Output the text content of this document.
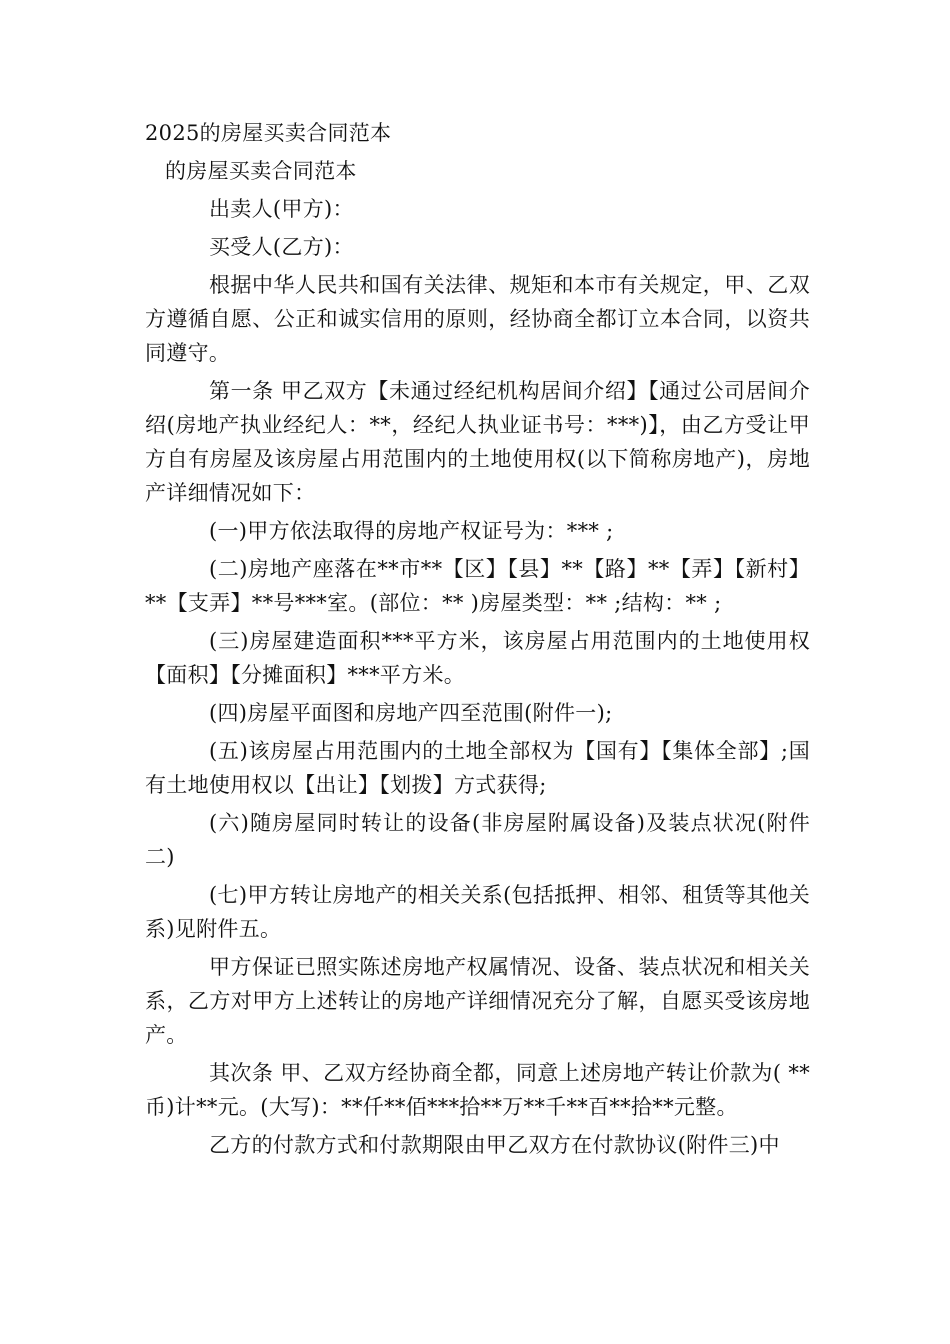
2025的房屋买卖合同范本
的房屋买卖合同范本
出卖人(甲方)：
买受人(乙方)：

根据中华人民共和国有关法律、规矩和本市有关规定，甲、乙双方遵循自愿、公正和诚实信用的原则，经协商全都订立本合同，以资共同遵守。

第一条 甲乙双方【未通过经纪机构居间介绍】【通过公司居间介绍(房地产执业经纪人：**，经纪人执业证书号：***)】，由乙方受让甲方自有房屋及该房屋占用范围内的土地使用权(以下简称房地产)，房地产详细情况如下：

(一)甲方依法取得的房地产权证号为：*** ;

(二)房地产座落在**市**【区】【县】**【路】**【弄】【新村】**【支弄】**号***室。(部位：** )房屋类型：** ;结构：** ;

(三)房屋建造面积***平方米，该房屋占用范围内的土地使用权【面积】【分摊面积】***平方米。

(四)房屋平面图和房地产四至范围(附件一);

(五)该房屋占用范围内的土地全部权为【国有】【集体全部】;国有土地使用权以【出让】【划拨】方式获得;

(六)随房屋同时转让的设备(非房屋附属设备)及装点状况(附件二)

(七)甲方转让房地产的相关关系(包括抵押、相邻、租赁等其他关系)见附件五。

甲方保证已照实陈述房地产权属情况、设备、装点状况和相关关系，乙方对甲方上述转让的房地产详细情况充分了解，自愿买受该房地产。

其次条 甲、乙双方经协商全都，同意上述房地产转让价款为( **币)计**元。(大写)：**仟**佰***拾**万**千**百**拾**元整。

乙方的付款方式和付款期限由甲乙双方在付款协议(附件三)中
